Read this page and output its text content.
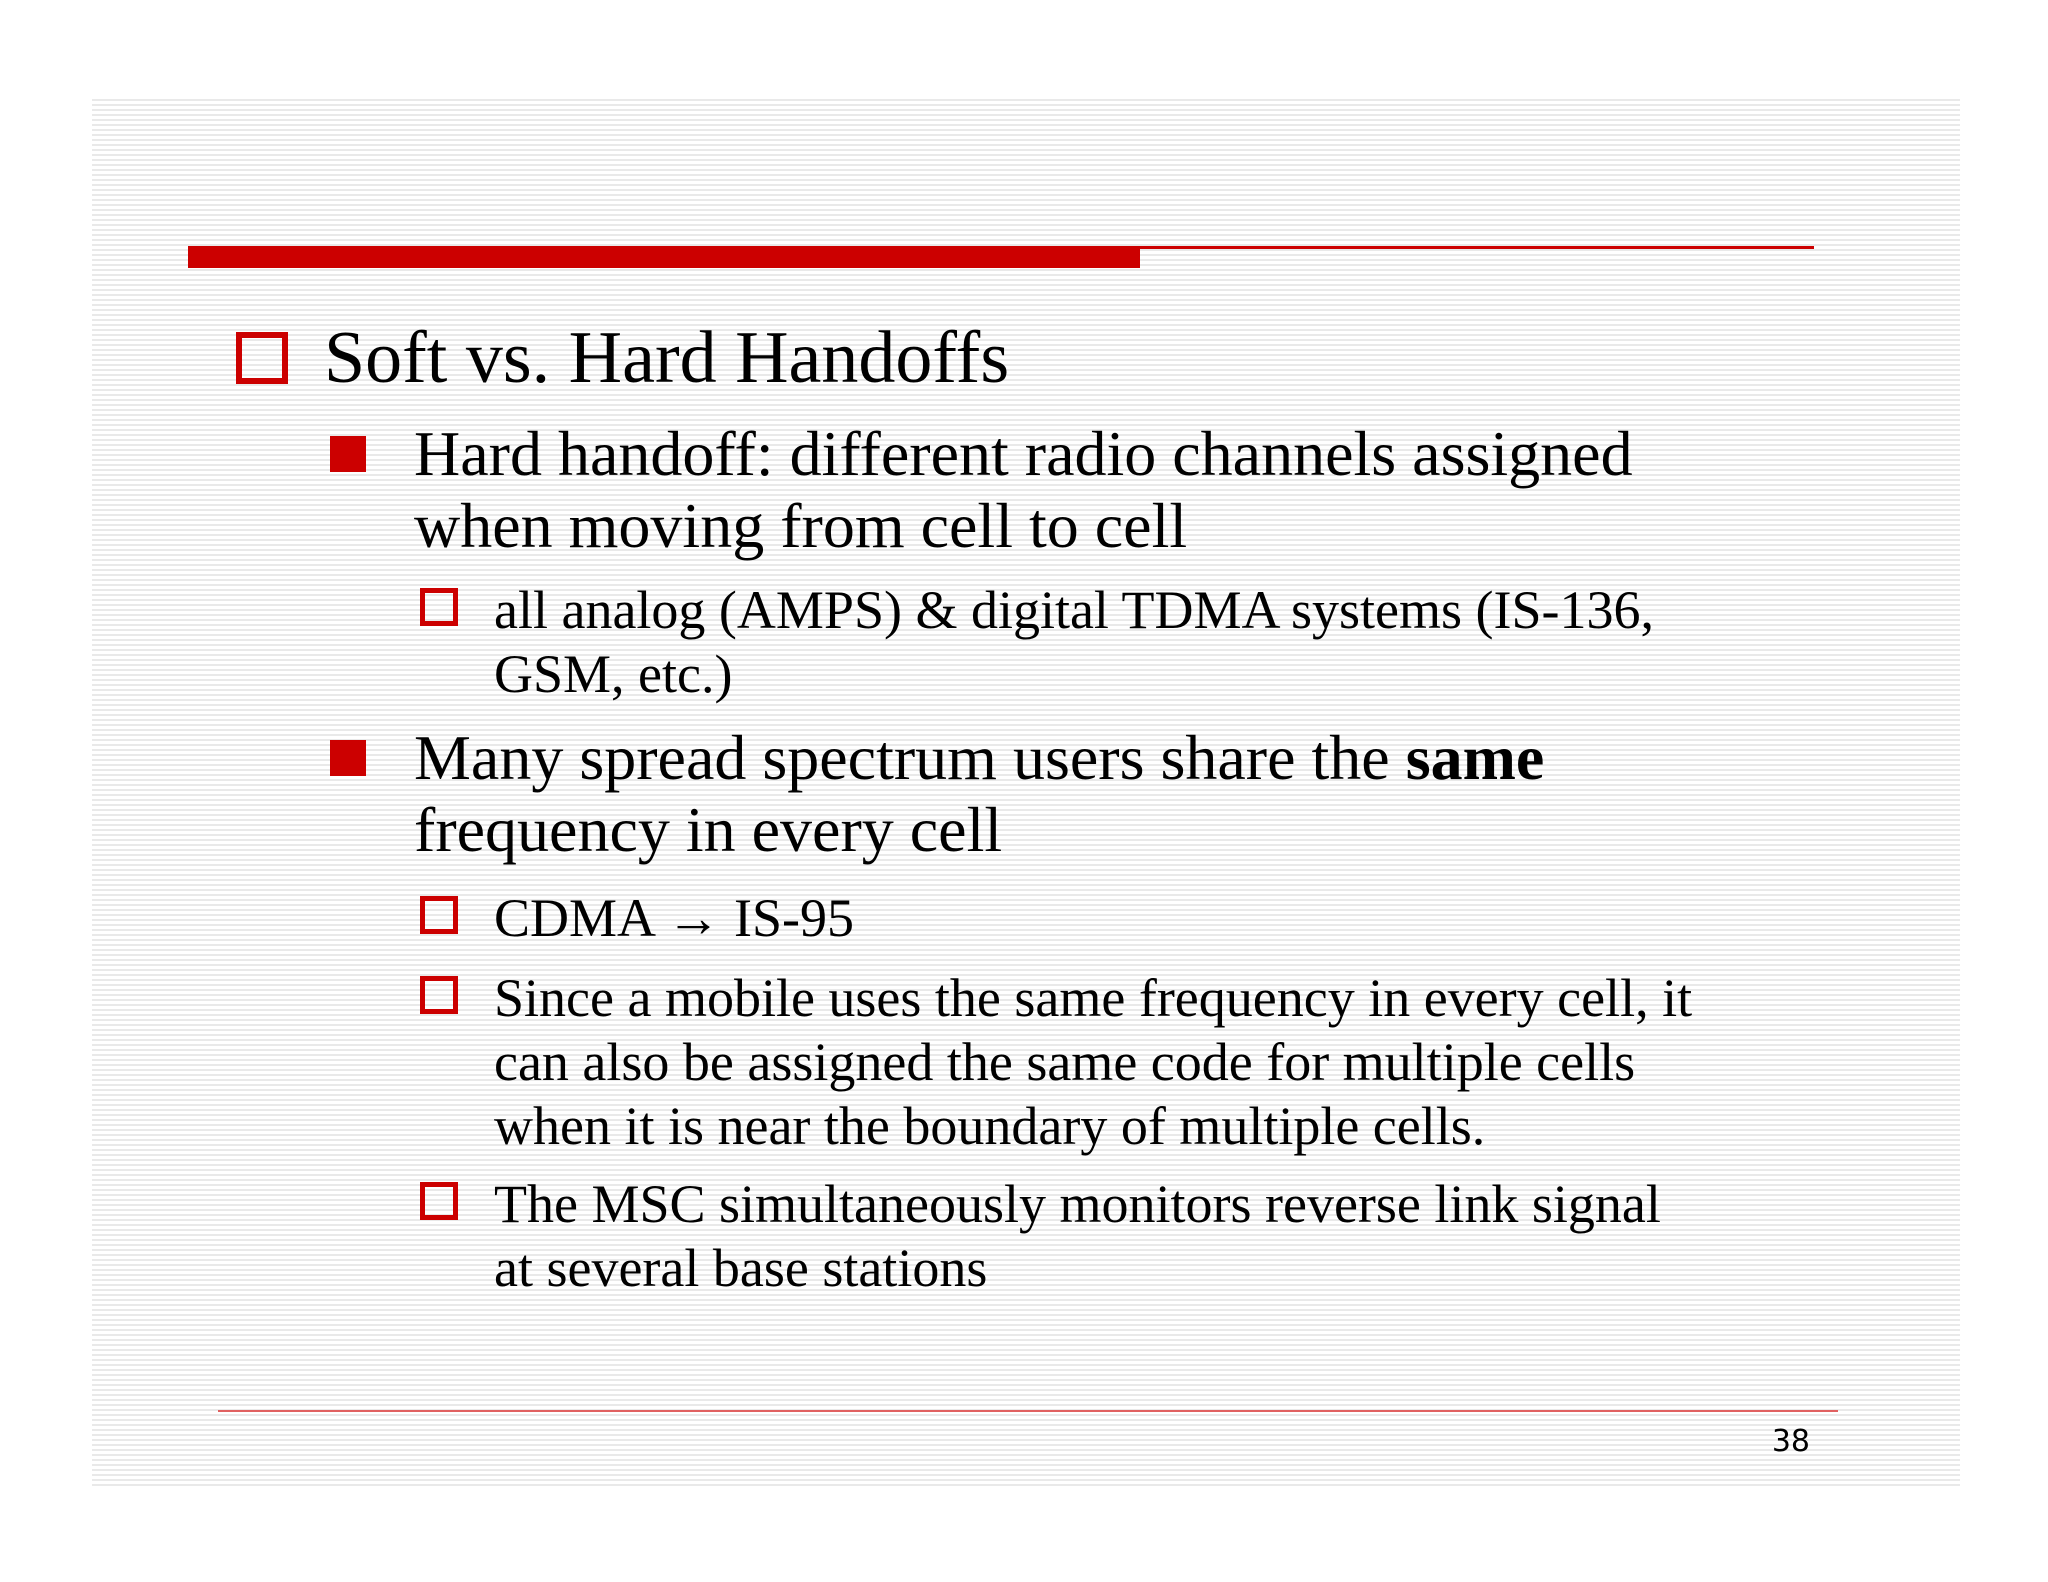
Soft vs. Hard Handoffs
Hard handoff: different radio channels assigned
when moving from cell to cell
all analog (AMPS) & digital TDMA systems (IS-136,
GSM, etc.)
Many spread spectrum users share the same
frequency in every cell
CDMA → IS-95
Since a mobile uses the same frequency in every cell, it
can also be assigned the same code for multiple cells
when it is near the boundary of multiple cells.
The MSC simultaneously monitors reverse link signal
at several base stations
38
